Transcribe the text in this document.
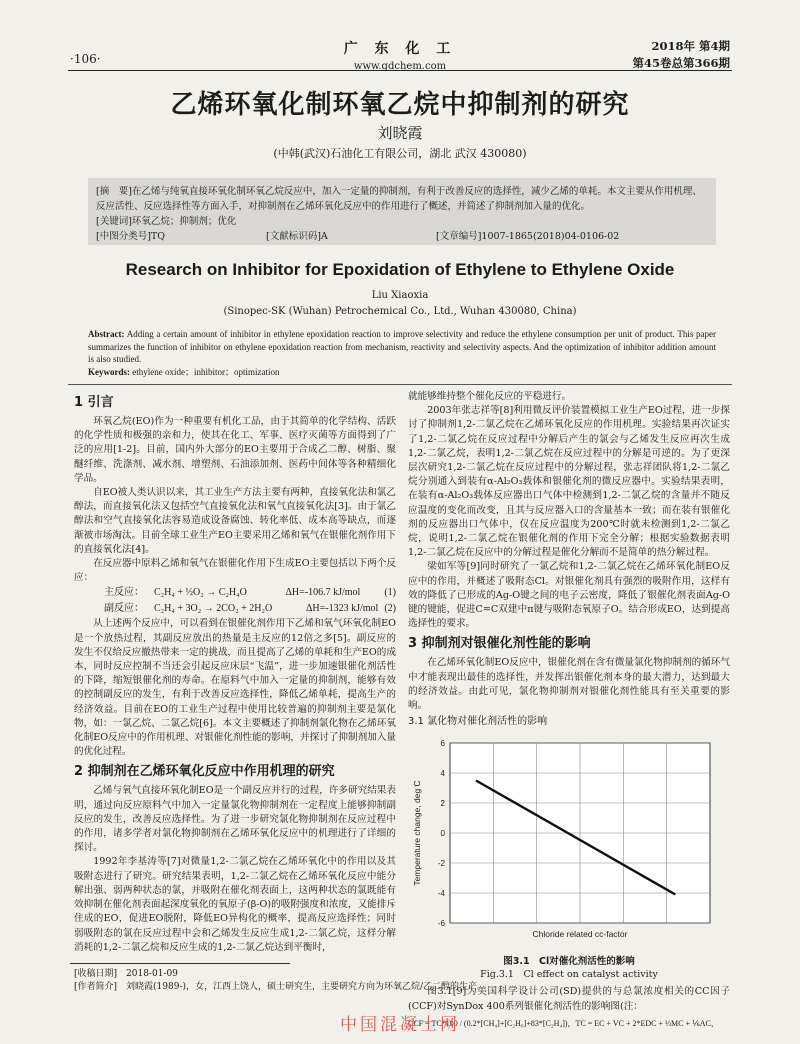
·106·
广 东 化 工
www.gdchem.com
2018年 第4期
第45卷总第366期
乙烯环氧化制环氧乙烷中抑制剂的研究
刘晓霞
(中韩(武汉)石油化工有限公司，湖北 武汉 430080)
[摘　要]在乙烯与纯氧直接环氧化制环氧乙烷反应中，加入一定量的抑制剂，有利于改善反应的选择性，减少乙烯的单耗。本文主要从作用机理、反应活性、反应选择性等方面入手，对抑制剂在乙烯环氧化反应中的作用进行了概述，并简述了抑制剂加入量的优化。
[关键词]环氧乙烷；抑制剂；优化
[中图分类号]TQ	[文献标识码]A	[文章编号]1007-1865(2018)04-0106-02
Research on Inhibitor for Epoxidation of Ethylene to Ethylene Oxide
Liu Xiaoxia
(Sinopec-SK (Wuhan) Petrochemical Co., Ltd., Wuhan 430080, China)
Abstract: Adding a certain amount of inhibitor in ethylene epoxidation reaction to improve selectivity and reduce the ethylene consumption per unit of product. This paper summarizes the function of inhibitor on ethylene epoxidation reaction from mechanism, reactivity and selectivity aspects. And the optimization of inhibitor addition amount is also studied.
Keywords: ethylene oxide；inhibitor；optimization
1 引言

环氧乙烷(EO)作为一种重要有机化工品，由于其简单的化学结构、活跃的化学性质和极强的亲和力，使其在化工、军事、医疗灭菌等方面得到了广泛的应用[1-2]。目前，国内外大部分的EO主要用于合成乙二醇、树脂、聚醚纤维、洗涤剂、减水剂、增塑剂、石油添加剂、医药中间体等各种精细化学品。

自EO被人类认识以来，其工业生产方法主要有两种，直接氧化法和氯乙醇法，而直接氧化法又包括空气直接氧化法和氧气直接氧化法[3]。由于氯乙醇法和空气直接氧化法容易造成设备腐蚀、转化率低、成本高等缺点，而逐渐被市场淘汰。目前全球工业生产EO主要采用乙烯和氧气在银催化剂作用下的直接氧化法[4]。

在反应器中原料乙烯和氧气在银催化作用下生成EO主要包括以下两个反应：

主反应：	C₂H₄ + ½O₂ → C₂H₄O	ΔH=-106.7 kJ/mol (1)
副反应：	C₂H₄ + 3O₂ → 2CO₂ + 2H₂O	ΔH=-1323 kJ/mol (2)

从上述两个反应中，可以看到在银催化剂作用下乙烯和氧气环氧化制EO是一个放热过程，其副反应放出的热量是主反应的12倍之多[5]。副反应的发生不仅给反应撤热带来一定的挑战，而且提高了乙烯的单耗和生产EO的成本，同时反应控制不当还会引起反应床层“飞温”，进一步加速银催化剂活性的下降，缩短银催化剂的寿命。在原料气中加入一定量的抑制剂，能够有效的控制副反应的发生，有利于改善反应选择性，降低乙烯单耗，提高生产的经济效益。目前在EO的工业生产过程中使用比较普遍的抑制剂主要是氯化物，如：一氯乙烷、二氯乙烷[6]。本文主要概述了抑制剂氯化物在乙烯环氧化制EO反应中的作用机理、对银催化剂性能的影响，并探讨了抑制剂加入量的优化过程。

2 抑制剂在乙烯环氧化反应中作用机理的研究

乙烯与氧气直接环氧化制EO是一个副反应并行的过程，许多研究结果表明，通过向反应原料气中加入一定量氯化物抑制剂在一定程度上能够抑制副反应的发生，改善反应选择性。为了进一步研究氯化物抑制剂在反应过程中的作用，诸多学者对氯化物抑制剂在乙烯环氧化反应中的机理进行了详细的探讨。

1992年李基涛等[7]对微量1,2-二氯乙烷在乙烯环氧化中的作用以及其吸附态进行了研究。研究结果表明，1,2-二氯乙烷在乙烯环氧化反应中能分解出强、弱两种状态的氯，并吸附在催化剂表面上，这两种状态的氯既能有效抑制在催化剂表面起深度氧化的氧原子(β-O)的吸附强度和浓度，又能排斥住成的EO，促进EO脱附，降低EO异构化的概率，提高反应选择性；同时弱吸附态的氯在反应过程中会和乙烯发生反应生成1,2-二氯乙烷，这样分解消耗的1,2-二氯乙烷和反应生成的1,2-二氯乙烷达到平衡时，

就能够维持整个催化反应的平稳进行。

2003年张志祥等[8]利用微反评价装置模拟工业生产EO过程，进一步探讨了抑制剂1,2-二氯乙烷在乙烯环氧化反应的作用机理。实验结果再次证实了1,2-二氯乙烷在反应过程中分解后产生的氯会与乙烯发生反应再次生成1,2-二氯乙烷，表明1,2-二氯乙烷在反应过程中的分解是可逆的。为了更深层次研究1,2-二氯乙烷在反应过程中的分解过程，张志祥团队将1,2-二氯乙烷分别通入到装有α-Al₂O₃载体和银催化剂的微反应器中。实验结果表明，在装有α-Al₂O₃载体反应器出口气体中检测到1,2-二氯乙烷的含量并不随反应温度的变化而改变，且其与反应器入口的含量基本一致；而在装有银催化剂的反应器出口气体中，仅在反应温度为200℃时就未检测到1,2-二氯乙烷，说明1,2-二氯乙烷在银催化剂的作用下完全分解；根据实验数据表明1,2-二氯乙烷在反应中的分解过程是催化分解而不是简单的热分解过程。

梁如军等[9]同时研究了一氯乙烷和1,2-二氯乙烷在乙烯环氧化制EO反应中的作用，并概述了吸附态Cl。对银催化剂具有强烈的吸附作用，这样有效的降低了已形成的Ag-O键之间的电子云密度，降低了银催化剂表面Ag-O键的键能，促进C=C双建中π键与吸附态氧原子O。结合形成EO，达到提高选择性的要求。

3 抑制剂对银催化剂性能的影响

在乙烯环氧化制EO反应中，银催化剂在含有微量氯化物抑制剂的循环气中才能表现出最佳的选择性，并发挥出银催化剂本身的最大潜力，达到最大的经济效益。由此可见，氯化物抑制剂对银催化剂性能具有至关重要的影响。

3.1 氯化物对催化剂活性的影响
6
4
2
0
-2
-4
-6
Chloride related cc-factor
Temperature change, deg C
图3.1　Cl对催化剂活性的影响
Fig.3.1　Cl effect on catalyst activity

图3.1[9]为美国科学设计公司(SD)提供的与总氯浓度相关的CC因子(CCF)对SynDox 400系列银催化剂活性的影响图(注：

CCF = TC*100 / (0.2*[CH₄]+[C₂H₆]+83*[C₂H₄])，TC = EC + VC + 2*EDC + ⅓MC + ⅙AC，
[收稿日期]　2018-01-09
[作者简介]　刘晓霞(1989-)，女，江西上饶人，硕士研究生，主要研究方向为环氧乙烷/乙二醇的生产。
中国混凝土网
